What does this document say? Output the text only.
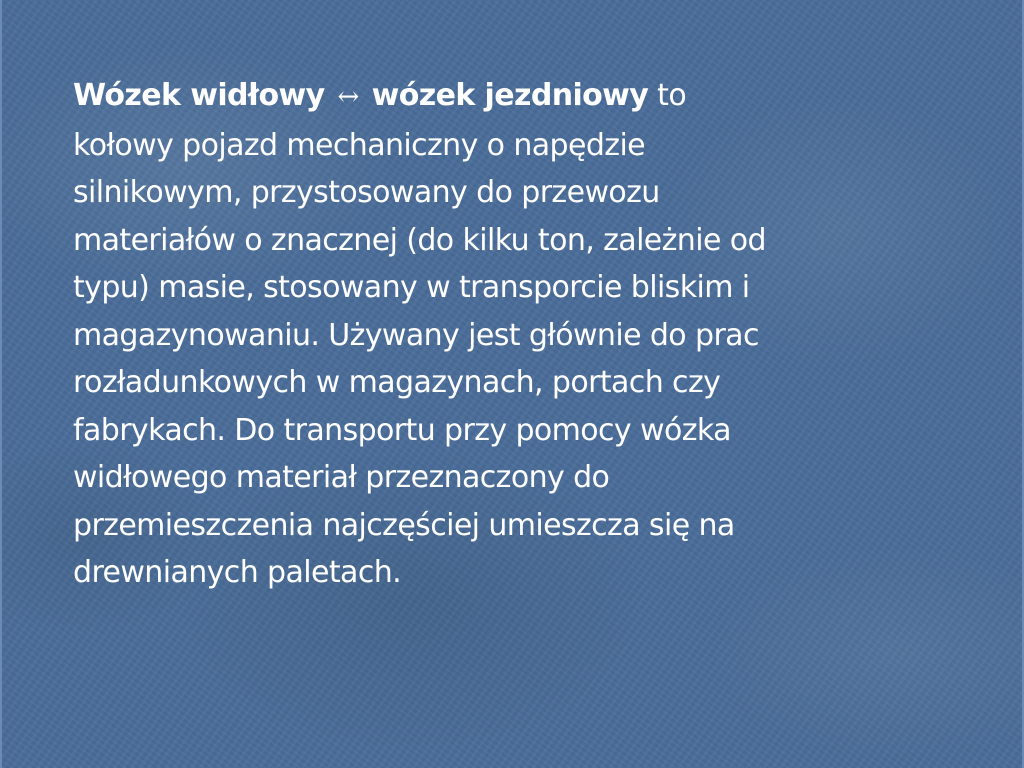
Wózek widłowy ↔ wózek jezdniowy to

kołowy pojazd mechaniczny o napędzie

silnikowym, przystosowany do przewozu

materiałów o znacznej (do kilku ton, zależnie od

typu) masie, stosowany w transporcie bliskim i

magazynowaniu. Używany jest głównie do prac

rozładunkowych w magazynach, portach czy

fabrykach. Do transportu przy pomocy wózka

widłowego materiał przeznaczony do

przemieszczenia najczęściej umieszcza się na

drewnianych paletach.
